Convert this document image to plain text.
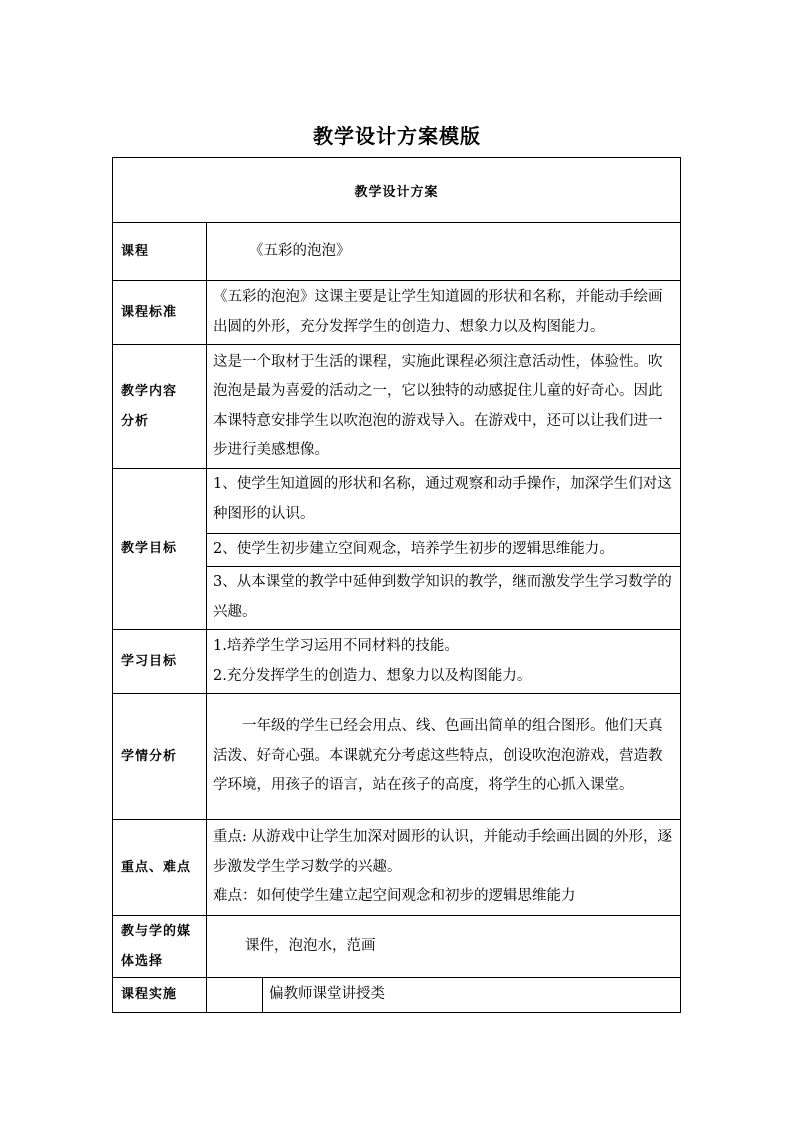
教学设计方案模版
教学设计方案		
课程	《五彩的泡泡》	
课程标准	《五彩的泡泡》这课主要是让学生知道圆的形状和名称，并能动手绘画出圆的外形，充分发挥学生的创造力、想象力以及构图能力。	

教学内容
分析	这是一个取材于生活的课程，实施此课程必须注意活动性，体验性。吹泡泡是最为喜爱的活动之一，它以独特的动感捉住儿童的好奇心。因此本课特意安排学生以吹泡泡的游戏导入。在游戏中，还可以让我们进一步进行美感想像。	
教学目标	1、使学生知道圆的形状和名称，通过观察和动手操作，加深学生们对这种图形的认识。
2、使学生初步建立空间观念，培养学生初步的逻辑思维能力。
3、从本课堂的教学中延伸到数学知识的教学，继而激发学生学习数学的兴趣。	

学习目标	1.培养学生学习运用不同材料的技能。
2.充分发挥学生的创造力、想象力以及构图能力。	

学情分析	一年级的学生已经会用点、线、色画出简单的组合图形。他们天真活泼、好奇心强。本课就充分考虑这些特点，创设吹泡泡游戏，营造教学环境，用孩子的语言，站在孩子的高度，将学生的心抓入课堂。	
重点、难点	重点: 从游戏中让学生加深对圆形的认识，并能动手绘画出圆的外形，逐步激发学生学习数学的兴趣。
难点：如何使学生建立起空间观念和初步的逻辑思维能力	

教与学的媒
体选择	课件，泡泡水，范画	
课程实施		偏教师课堂讲授类
